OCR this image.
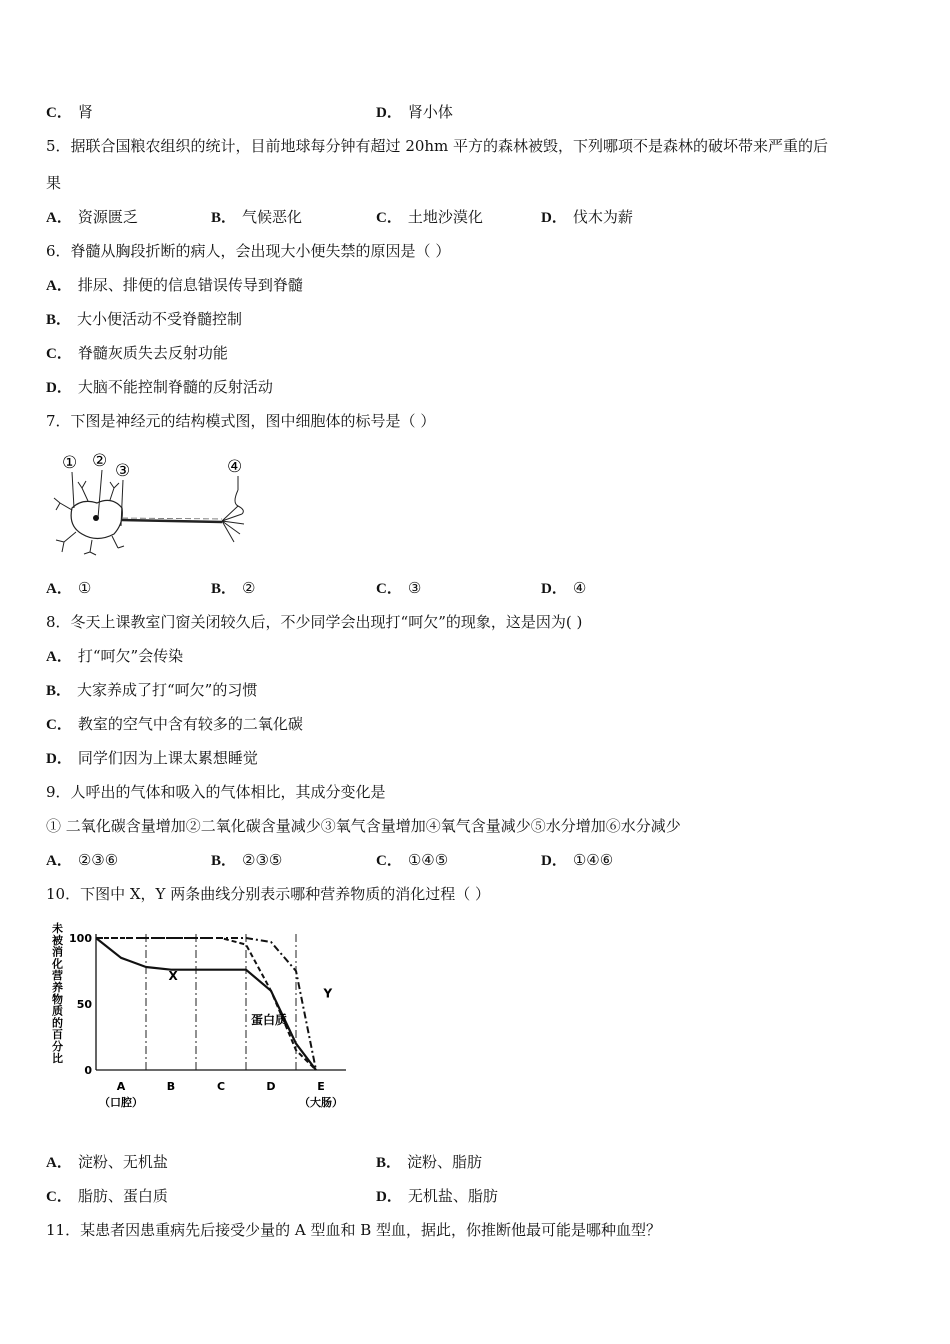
C． 肾	D． 肾小体
5．据联合国粮农组织的统计，目前地球每分钟有超过 20hm 平方的森林被毁，下列哪项不是森林的破坏带来严重的后
果
A． 资源匮乏	B． 气候恶化	C． 土地沙漠化	D． 伐木为薪
6．脊髓从胸段折断的病人，会出现大小便失禁的原因是（ ）
A． 排尿、排便的信息错误传导到脊髓
B． 大小便活动不受脊髓控制
C． 脊髓灰质失去反射功能
D． 大脑不能控制脊髓的反射活动
7．下图是神经元的结构模式图，图中细胞体的标号是（ ）
① ② ③	④
A． ①	B． ②	C． ③	D． ④
8．冬天上课教室门窗关闭较久后，不少同学会出现打“呵欠”的现象，这是因为( )
A． 打“呵欠”会传染
B． 大家养成了打“呵欠”的习惯
C． 教室的空气中含有较多的二氧化碳
D． 同学们因为上课太累想睡觉
9．人呼出的气体和吸入的气体相比，其成分变化是
① 二氧化碳含量增加②二氧化碳含量减少③氧气含量增加④氧气含量减少⑤水分增加⑥水分减少
A． ②③⑥	B． ②③⑤	C． ①④⑤	D． ①④⑥
10．下图中 X，Y 两条曲线分别表示哪种营养物质的消化过程（ ）
未
被
消
化
营
养
物
质
的
百
分
比
100
50
0
A
（口腔）
B	C	D	E
（大肠）
X
Y
蛋白质
A． 淀粉、无机盐	B． 淀粉、脂肪
C． 脂肪、蛋白质	D． 无机盐、脂肪
11．某患者因患重病先后接受少量的 A 型血和 B 型血，据此，你推断他最可能是哪种血型？
